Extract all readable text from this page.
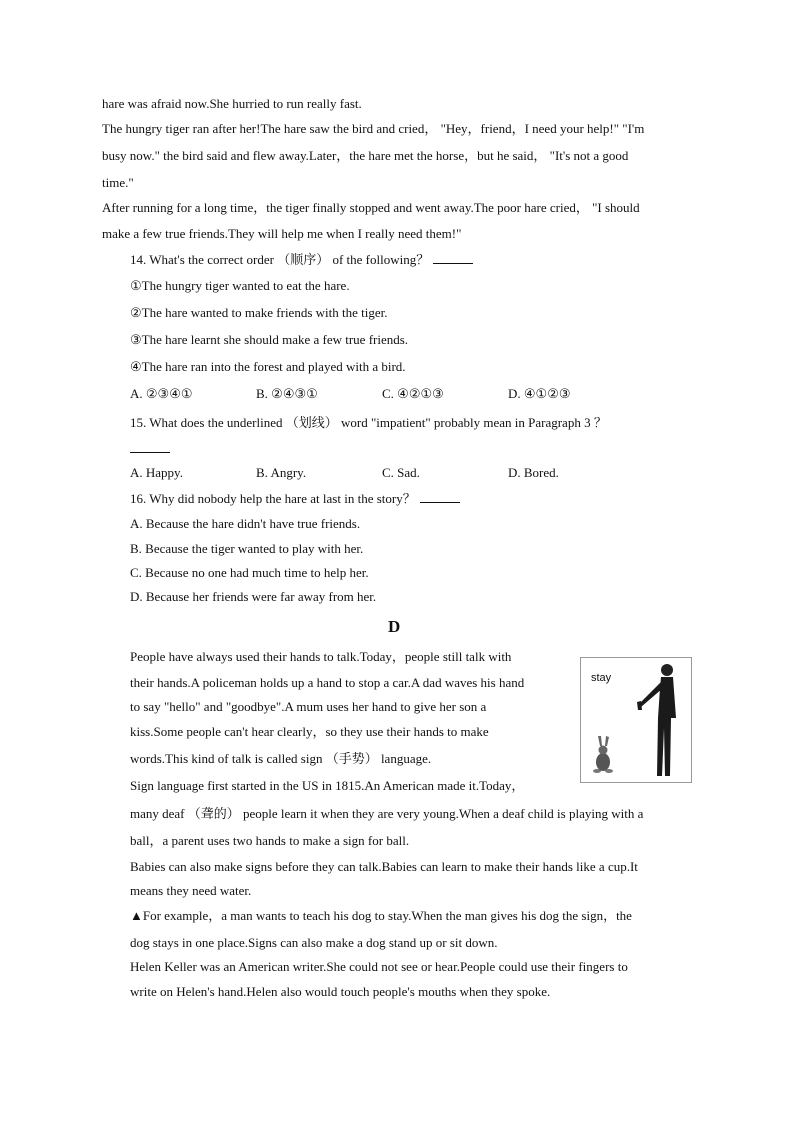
hare was afraid now.She hurried to run really fast.
The hungry tiger ran after her!The hare saw the bird and cried， "Hey，friend，I need your help!" "I'm
busy now." the bird said and flew away.Later，the hare met the horse，but he said， "It's not a good
time."
After running for a long time，the tiger finally stopped and went away.The poor hare cried， "I should
make a few true friends.They will help me when I really need them!"
14. What's the correct order （顺序） of the following？
①The hungry tiger wanted to eat the hare.
②The hare wanted to make friends with the tiger.
③The hare learnt she should make a few true friends.
④The hare ran into the forest and played with a bird.
A. ②③④①	B. ②④③①	C. ④②①③	D. ④①②③
15. What does the underlined （划线） word "impatient" probably mean in Paragraph 3 ？
A. Happy.	B. Angry.	C. Sad.	D. Bored.
16. Why did nobody help the hare at last in the story？
A. Because the hare didn't have true friends.
B. Because the tiger wanted to play with her.
C. Because no one had much time to help her.
D. Because her friends were far away from her.
D
stay
People have always used their hands to talk.Today，people still talk with
their hands.A policeman holds up a hand to stop a car.A dad waves his hand
to say "hello" and "goodbye".A mum uses her hand to give her son a
kiss.Some people can't hear clearly，so they use their hands to make
words.This kind of talk is called sign （手势） language.
Sign language first started in the US in 1815.An American made it.Today，
many deaf （聋的） people learn it when they are very young.When a deaf child is playing with a
ball，a parent uses two hands to make a sign for ball.
Babies can also make signs before they can talk.Babies can learn to make their hands like a cup.It
means they need water.
▲For example，a man wants to teach his dog to stay.When the man gives his dog the sign，the
dog stays in one place.Signs can also make a dog stand up or sit down.
Helen Keller was an American writer.She could not see or hear.People could use their fingers to
write on Helen's hand.Helen also would touch people's mouths when they spoke.
